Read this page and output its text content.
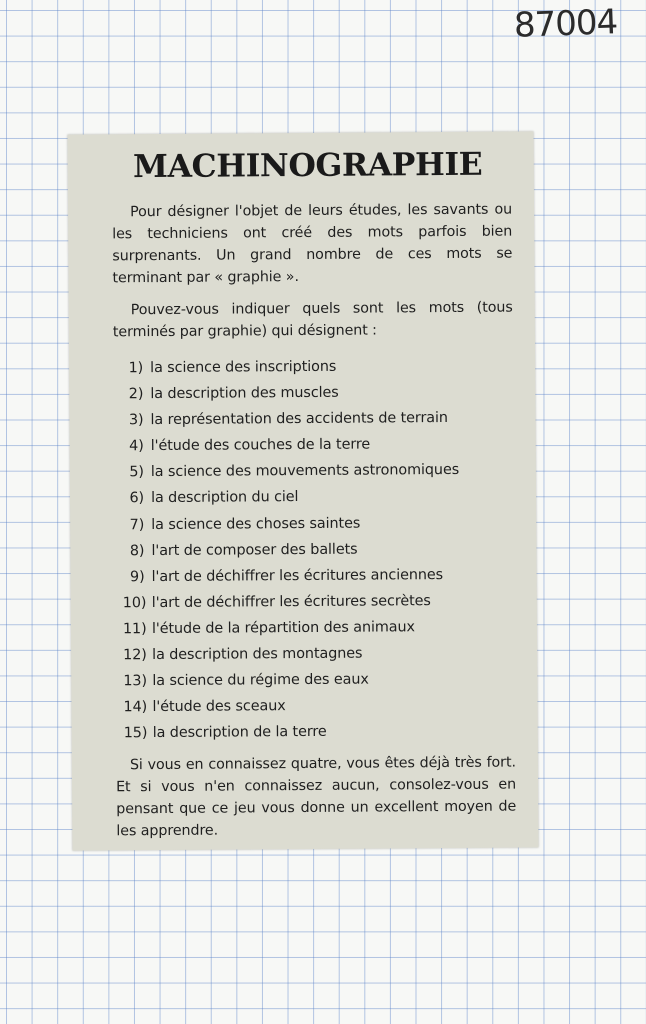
87004
MACHINOGRAPHIE

Pour désigner l'objet de leurs études, les savants ou les techniciens ont créé des mots parfois bien surprenants. Un grand nombre de ces mots se terminant par « graphie ».

Pouvez-vous indiquer quels sont les mots (tous terminés par graphie) qui désignent :

1) la science des inscriptions
2) la description des muscles
3) la représentation des accidents de terrain
4) l'étude des couches de la terre
5) la science des mouvements astronomiques
6) la description du ciel
7) la science des choses saintes
8) l'art de composer des ballets
9) l'art de déchiffrer les écritures anciennes
10) l'art de déchiffrer les écritures secrètes
11) l'étude de la répartition des animaux
12) la description des montagnes
13) la science du régime des eaux
14) l'étude des sceaux
15) la description de la terre

Si vous en connaissez quatre, vous êtes déjà très fort. Et si vous n'en connaissez aucun, consolez-vous en pensant que ce jeu vous donne un excellent moyen de les apprendre.
